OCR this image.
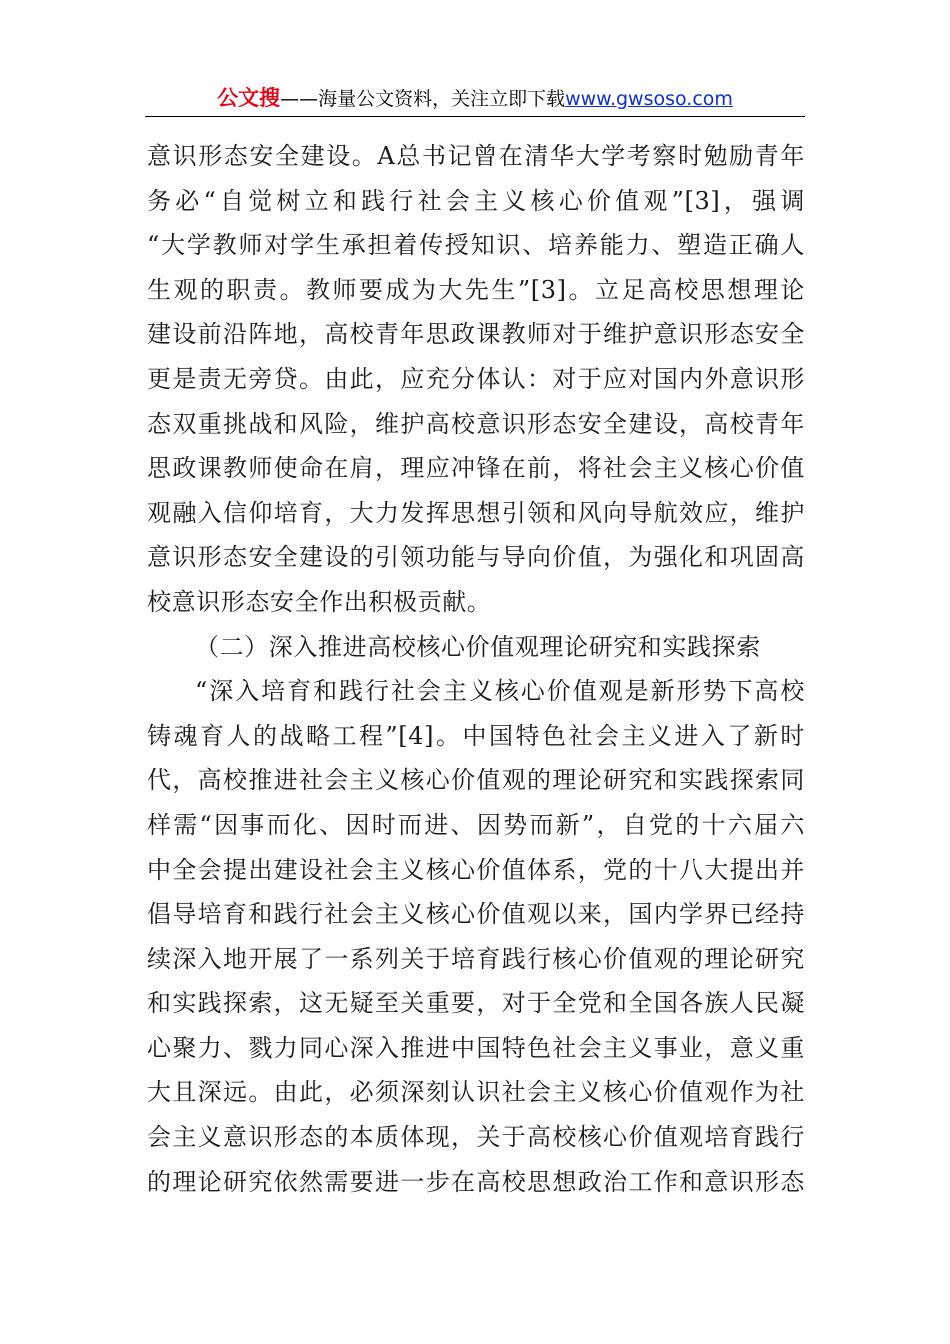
公文搜——海量公文资料，关注立即下载www.gwsoso.com
意识形态安全建设。A总书记曾在清华大学考察时勉励青年
务必“自觉树立和践行社会主义核心价值观”[3]，强调
“大学教师对学生承担着传授知识、培养能力、塑造正确人
生观的职责。教师要成为大先生”[3]。立足高校思想理论
建设前沿阵地，高校青年思政课教师对于维护意识形态安全
更是责无旁贷。由此，应充分体认：对于应对国内外意识形
态双重挑战和风险，维护高校意识形态安全建设，高校青年
思政课教师使命在肩，理应冲锋在前，将社会主义核心价值
观融入信仰培育，大力发挥思想引领和风向导航效应，维护
意识形态安全建设的引领功能与导向价值，为强化和巩固高
校意识形态安全作出积极贡献。
（二）深入推进高校核心价值观理论研究和实践探索
“深入培育和践行社会主义核心价值观是新形势下高校
铸魂育人的战略工程”[4]。中国特色社会主义进入了新时
代，高校推进社会主义核心价值观的理论研究和实践探索同
样需“因事而化、因时而进、因势而新”，自党的十六届六
中全会提出建设社会主义核心价值体系，党的十八大提出并
倡导培育和践行社会主义核心价值观以来，国内学界已经持
续深入地开展了一系列关于培育践行核心价值观的理论研究
和实践探索，这无疑至关重要，对于全党和全国各族人民凝
心聚力、戮力同心深入推进中国特色社会主义事业，意义重
大且深远。由此，必须深刻认识社会主义核心价值观作为社
会主义意识形态的本质体现，关于高校核心价值观培育践行
的理论研究依然需要进一步在高校思想政治工作和意识形态
